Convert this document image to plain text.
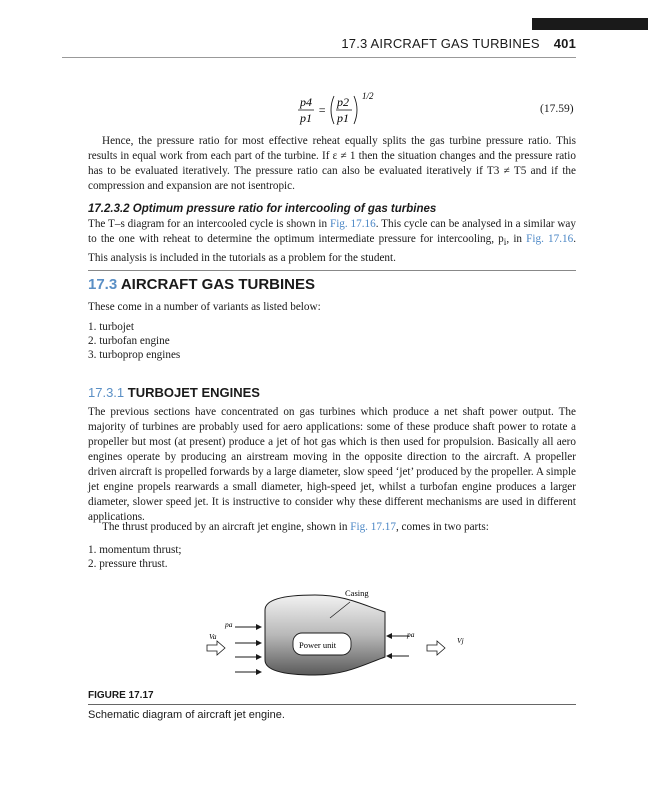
17.3 AIRCRAFT GAS TURBINES 401
p4
p1
=
p2
p1
1/2
(17.59)
Hence, the pressure ratio for most effective reheat equally splits the gas turbine pressure ratio. This results in equal work from each part of the turbine. If ε ≠ 1 then the situation changes and the pressure ratio has to be evaluated iteratively. The pressure ratio can also be evaluated iteratively if T3 ≠ T5 and if the compression and expansion are not isentropic.
17.2.3.2 Optimum pressure ratio for intercooling of gas turbines
The T–s diagram for an intercooled cycle is shown in Fig. 17.16. This cycle can be analysed in a similar way to the one with reheat to determine the optimum intermediate pressure for intercooling, $p_i$, in Fig. 17.16. This analysis is included in the tutorials as a problem for the student.
17.3 AIRCRAFT GAS TURBINES
These come in a number of variants as listed below:
1. turbojet
2. turbofan engine
3. turboprop engines
17.3.1 TURBOJET ENGINES
The previous sections have concentrated on gas turbines which produce a net shaft power output. The majority of turbines are probably used for aero applications: some of these produce shaft power to rotate a propeller but most (at present) produce a jet of hot gas which is then used for propulsion. Basically all aero engines operate by producing an airstream moving in the opposite direction to the aircraft. A propeller driven aircraft is propelled forwards by a large diameter, slow speed ‘jet’ produced by the propeller. A simple jet engine propels rearwards a small diameter, high-speed jet, whilst a turbofan engine produces a larger diameter, slower speed jet. It is instructive to consider why these different mechanisms are used in different applications.
The thrust produced by an aircraft jet engine, shown in Fig. 17.17, comes in two parts:
1. momentum thrust;
2. pressure thrust.
Power unit
Casing
pa
Va	pa
Vj
FIGURE 17.17
Schematic diagram of aircraft jet engine.
